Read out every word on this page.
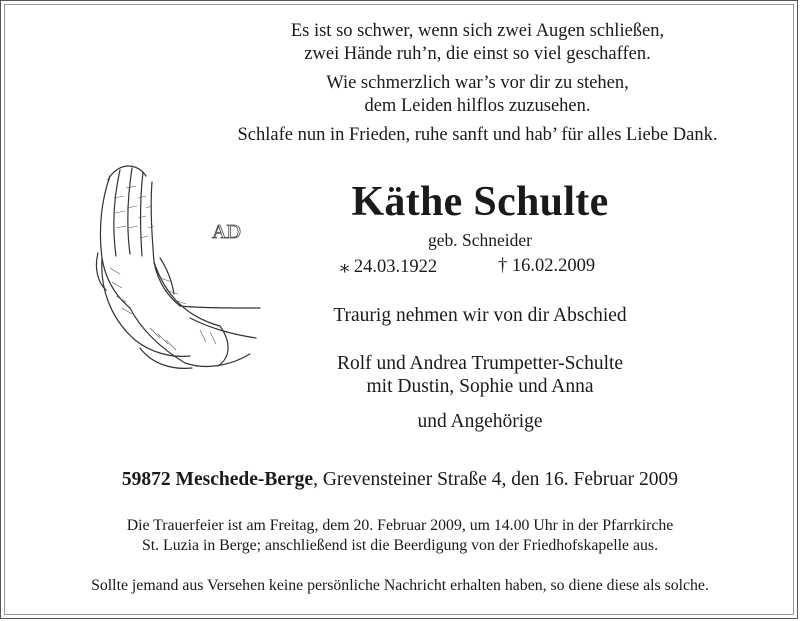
Es ist so schwer, wenn sich zwei Augen schließen,
zwei Hände ruh’n, die einst so viel geschaffen.
Wie schmerzlich war’s vor dir zu stehen,
dem Leiden hilflos zuzusehen.
Schlafe nun in Frieden, ruhe sanft und hab’ für alles Liebe Dank.
AD
Käthe Schulte
geb. Schneider
⁎ 24.03.1922	† 16.02.2009
Traurig nehmen wir von dir Abschied
Rolf und Andrea Trumpetter-Schulte
mit Dustin, Sophie und Anna
und Angehörige
59872 Meschede-Berge, Grevensteiner Straße 4, den 16. Februar 2009
Die Trauerfeier ist am Freitag, dem 20. Februar 2009, um 14.00 Uhr in der Pfarrkirche
St. Luzia in Berge; anschließend ist die Beerdigung von der Friedhofskapelle aus.
Sollte jemand aus Versehen keine persönliche Nachricht erhalten haben, so diene diese als solche.
